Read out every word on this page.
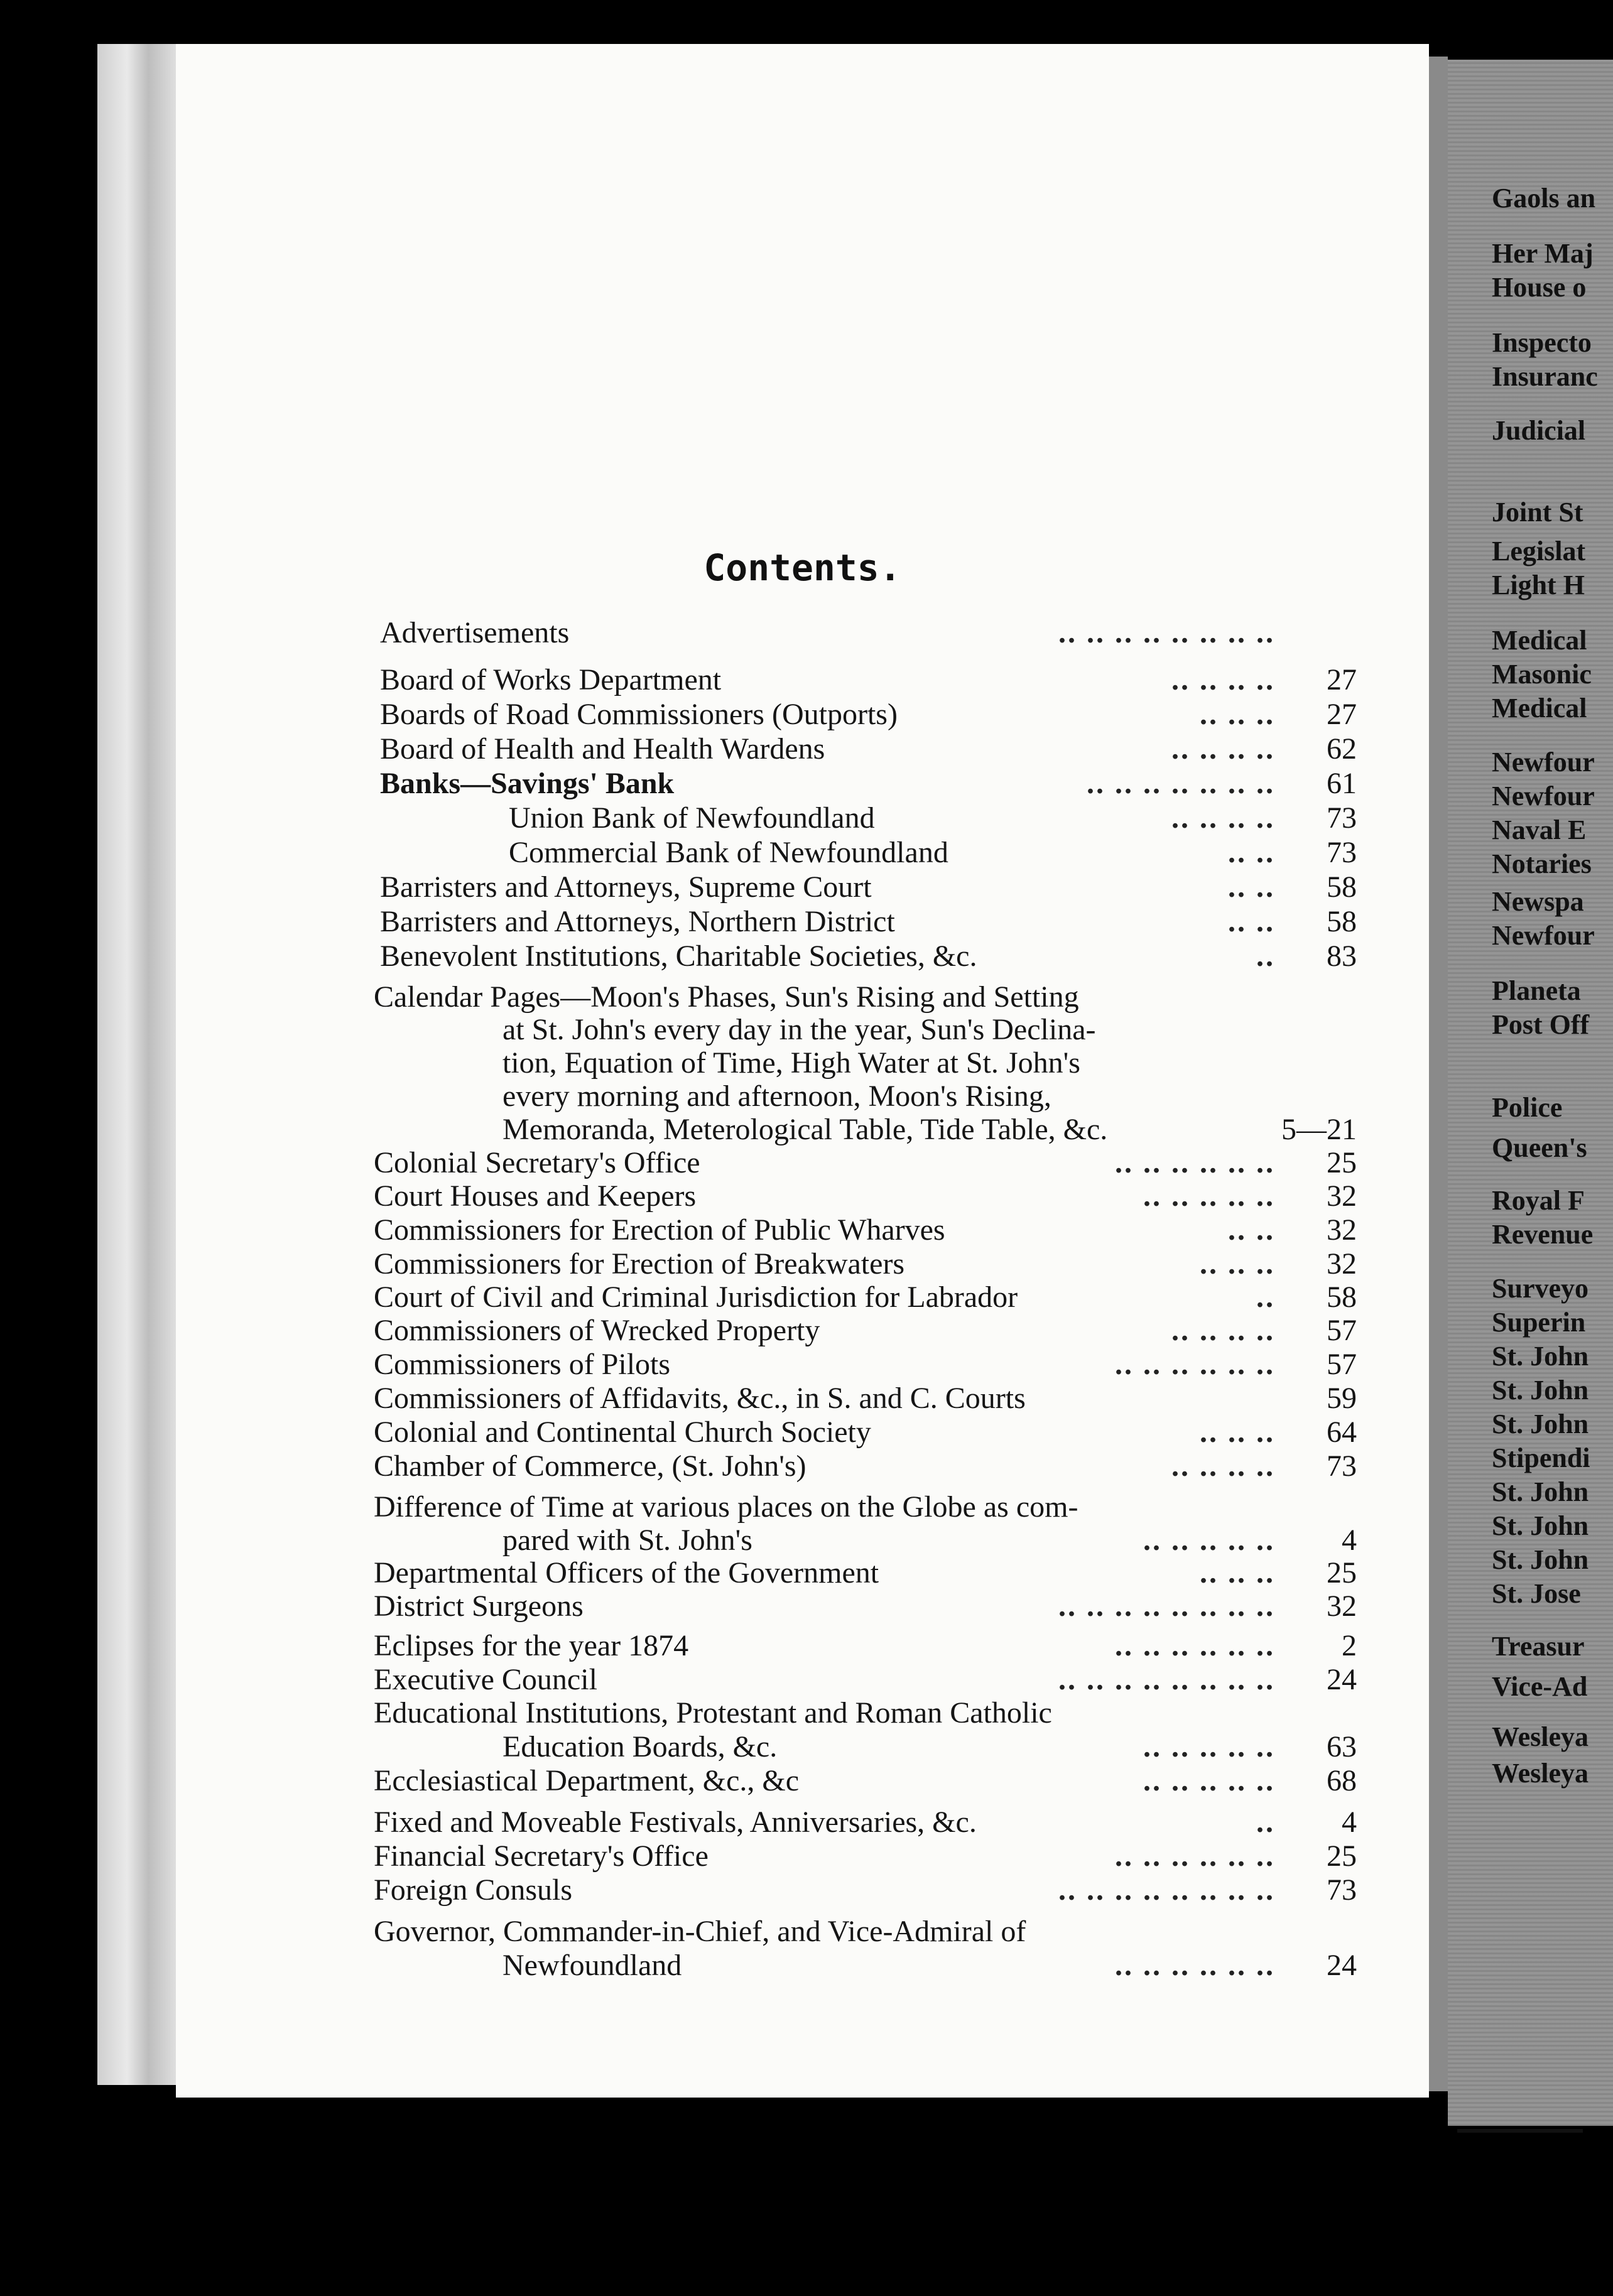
Contents.
Advertisements	.. .. .. .. .. .. .. ..
Board of Works Department	.. .. .. .. 27
Boards of Road Commissioners (Outports)	.. .. .. 27
Board of Health and Health Wardens	.. .. .. .. 62
Banks—Savings' Bank	.. .. .. .. .. .. .. 61
Union Bank of Newfoundland	.. .. .. .. 73
Commercial Bank of Newfoundland	.. .. 73
Barristers and Attorneys, Supreme Court	.. .. 58
Barristers and Attorneys, Northern District	.. .. 58
Benevolent Institutions, Charitable Societies, &c.	.. 83
Calendar Pages—Moon's Phases, Sun's Rising and Setting
at St. John's every day in the year, Sun's Declina-
tion, Equation of Time, High Water at St. John's
every morning and afternoon, Moon's Rising,
Memoranda, Meterological Table, Tide Table, &c.	5—21
Colonial Secretary's Office	.. .. .. .. .. .. 25
Court Houses and Keepers	.. .. .. .. .. 32
Commissioners for Erection of Public Wharves	.. .. 32
Commissioners for Erection of Breakwaters	.. .. .. 32
Court of Civil and Criminal Jurisdiction for Labrador	.. 58
Commissioners of Wrecked Property	.. .. .. .. 57
Commissioners of Pilots	.. .. .. .. .. .. 57
Commissioners of Affidavits, &c., in S. and C. Courts	59
Colonial and Continental Church Society	.. .. .. 64
Chamber of Commerce, (St. John's)	.. .. .. .. 73
Difference of Time at various places on the Globe as com-
pared with St. John's	.. .. .. .. .. 4
Departmental Officers of the Government	.. .. .. 25
District Surgeons	.. .. .. .. .. .. .. .. 32
Eclipses for the year 1874	.. .. .. .. .. .. 2
Executive Council	.. .. .. .. .. .. .. .. 24
Educational Institutions, Protestant and Roman Catholic
Education Boards, &c.	.. .. .. .. .. 63
Ecclesiastical Department, &c., &c	.. .. .. .. .. 68
Fixed and Moveable Festivals, Anniversaries, &c.	.. 4
Financial Secretary's Office	.. .. .. .. .. .. 25
Foreign Consuls	.. .. .. .. .. .. .. .. 73
Governor, Commander-in-Chief, and Vice-Admiral of
Newfoundland	.. .. .. .. .. .. 24
Gaols an
Her Maj
House o
Inspecto
Insuranc
Judicial
Joint St
Legislat
Light H
Medical
Masonic
Medical
Newfour
Newfour
Naval E
Notaries
Newspa
Newfour
Planeta
Post Off
Police
Queen's
Royal F
Revenue
Surveyo
Superin
St. John
St. John
St. John
Stipendi
St. John
St. John
St. John
St. Jose
Treasur
Vice-Ad
Wesleya
Wesleya
